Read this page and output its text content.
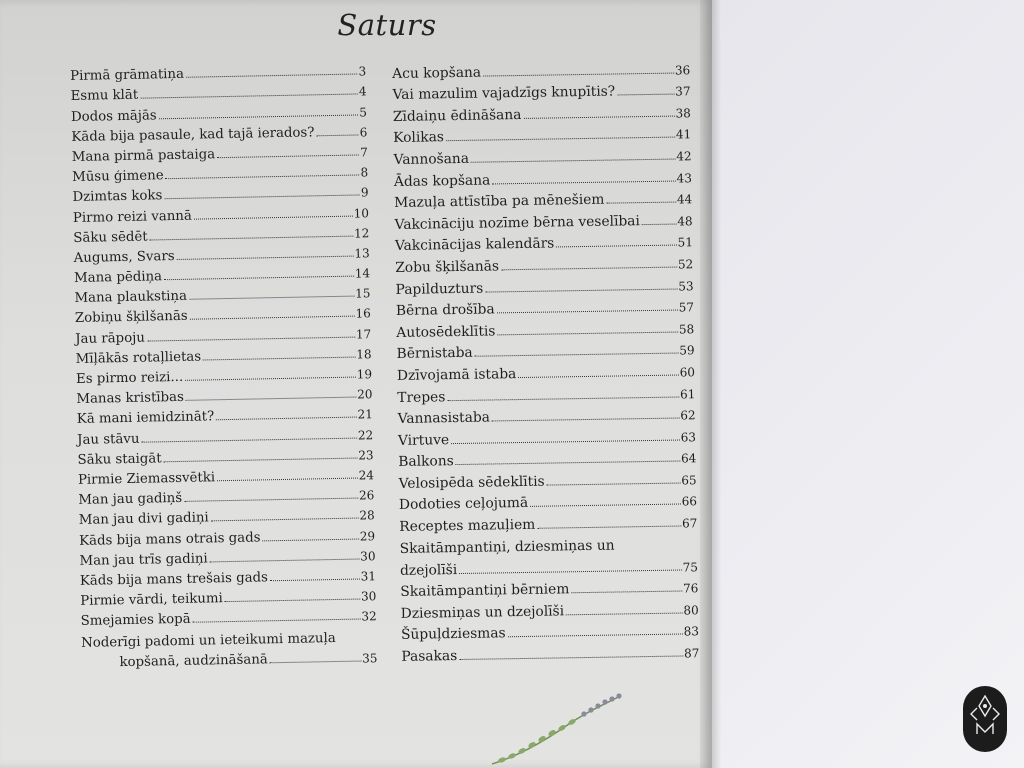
Saturs
Pirmā grāmatiņa	3
Esmu klāt	4
Dodos mājās	5
Kāda bija pasaule, kad tajā ierados?	6
Mana pirmā pastaiga	7
Mūsu ģimene	8
Dzimtas koks	9
Pirmo reizi vannā	10
Sāku sēdēt	12
Augums, Svars	13
Mana pēdiņa	14
Mana plaukstiņa	15
Zobiņu šķilšanās	16
Jau rāpoju	17
Mīļākās rotaļlietas	18
Es pirmo reizi...	19
Manas kristības	20
Kā mani iemidzināt?	21
Jau stāvu	22
Sāku staigāt	23
Pirmie Ziemassvētki	24
Man jau gadiņš	26
Man jau divi gadiņi	28
Kāds bija mans otrais gads	29
Man jau trīs gadiņi	30
Kāds bija mans trešais gads	31
Pirmie vārdi, teikumi	30
Smejamies kopā	32
Noderīgi padomi un ieteikumi mazuļa
kopšanā, audzināšanā	35
Acu kopšana	36
Vai mazulim vajadzīgs knupītis?	37
Zīdaiņu ēdināšana	38
Kolikas	41
Vannošana	42
Ādas kopšana	43
Mazuļa attīstība pa mēnešiem	44
Vakcināciju nozīme bērna veselībai	48
Vakcinācijas kalendārs	51
Zobu šķilšanās	52
Papilduzturs	53
Bērna drošība	57
Autosēdeklītis	58
Bērnistaba	59
Dzīvojamā istaba	60
Trepes	61
Vannasistaba	62
Virtuve	63
Balkons	64
Velosipēda sēdeklītis	65
Dodoties ceļojumā	66
Receptes mazuļiem	67
Skaitāmpantiņi, dziesmiņas un
dzejolīši	75
Skaitāmpantiņi bērniem	76
Dziesmiņas un dzejolīši	80
Šūpuļdziesmas	83
Pasakas	87
